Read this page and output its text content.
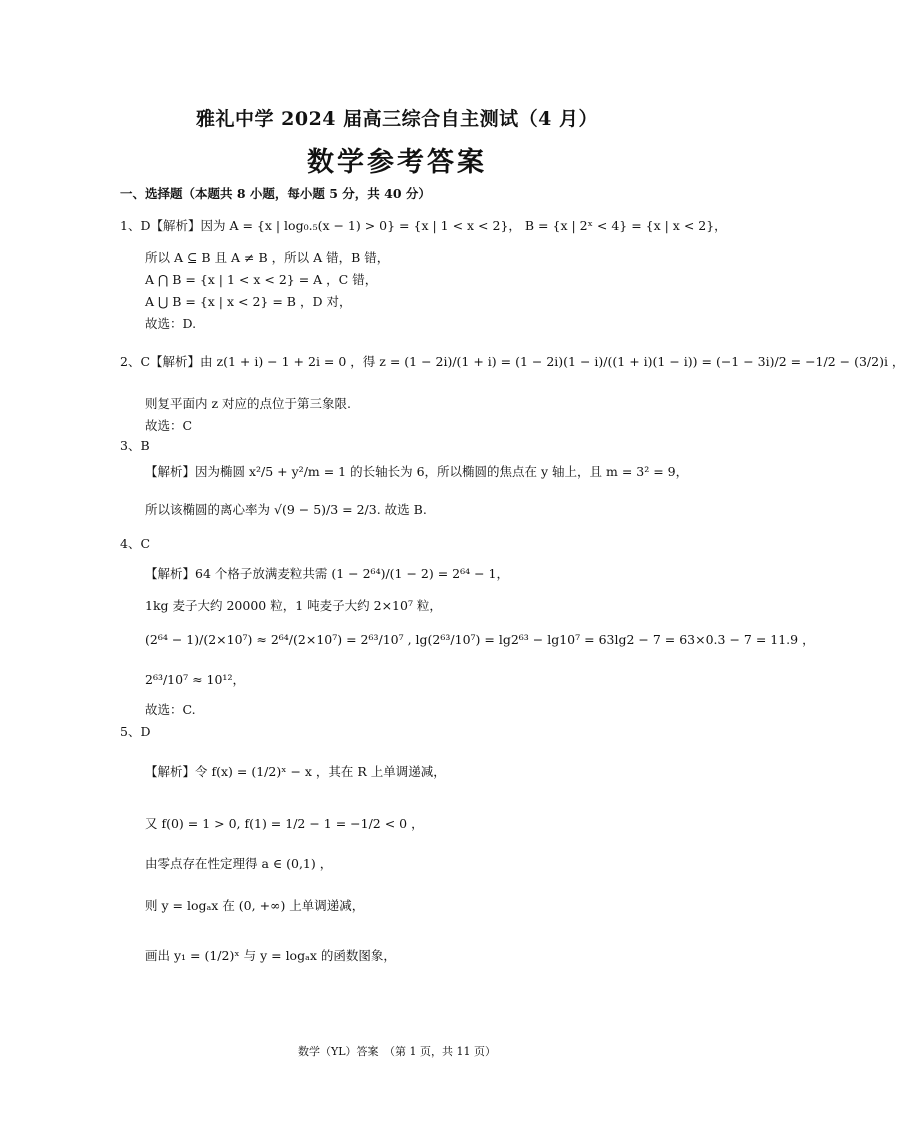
雅礼中学 2024 届高三综合自主测试（4 月）
数学参考答案
一、选择题（本题共 8 小题，每小题 5 分，共 40 分）
1、D【解析】因为 A = {x | log₀.₅(x − 1) > 0} = {x | 1 < x < 2}， B = {x | 2ˣ < 4} = {x | x < 2}，
所以 A ⊆ B 且 A ≠ B ，所以 A 错，B 错，
A ⋂ B = {x | 1 < x < 2} = A ，C 错，
A ⋃ B = {x | x < 2} = B ，D 对，
故选：D.
2、C【解析】由 z(1 + i) − 1 + 2i = 0 ，得 z = (1 − 2i)/(1 + i) = (1 − 2i)(1 − i)/((1 + i)(1 − i)) = (−1 − 3i)/2 = −1/2 − (3/2)i ，
则复平面内 z 对应的点位于第三象限.
故选：C
3、B
【解析】因为椭圆 x²/5 + y²/m = 1 的长轴长为 6，所以椭圆的焦点在 y 轴上，且 m = 3² = 9，
所以该椭圆的离心率为 √(9 − 5)/3 = 2/3. 故选 B.
4、C
【解析】64 个格子放满麦粒共需 (1 − 2⁶⁴)/(1 − 2) = 2⁶⁴ − 1，
1kg 麦子大约 20000 粒，1 吨麦子大约 2×10⁷ 粒，
(2⁶⁴ − 1)/(2×10⁷) ≈ 2⁶⁴/(2×10⁷) = 2⁶³/10⁷ , lg(2⁶³/10⁷) = lg2⁶³ − lg10⁷ = 63lg2 − 7 = 63×0.3 − 7 = 11.9 ，
2⁶³/10⁷ ≈ 10¹²，
故选：C.
5、D
【解析】令 f(x) = (1/2)ˣ − x ，其在 R 上单调递减，
又 f(0) = 1 > 0, f(1) = 1/2 − 1 = −1/2 < 0 ，
由零点存在性定理得 a ∈ (0,1) ，
则 y = logₐx 在 (0, +∞) 上单调递减，
画出 y₁ = (1/2)ˣ 与 y = logₐx 的函数图象，
数学（YL）答案　（第 1 页，共 11 页）
